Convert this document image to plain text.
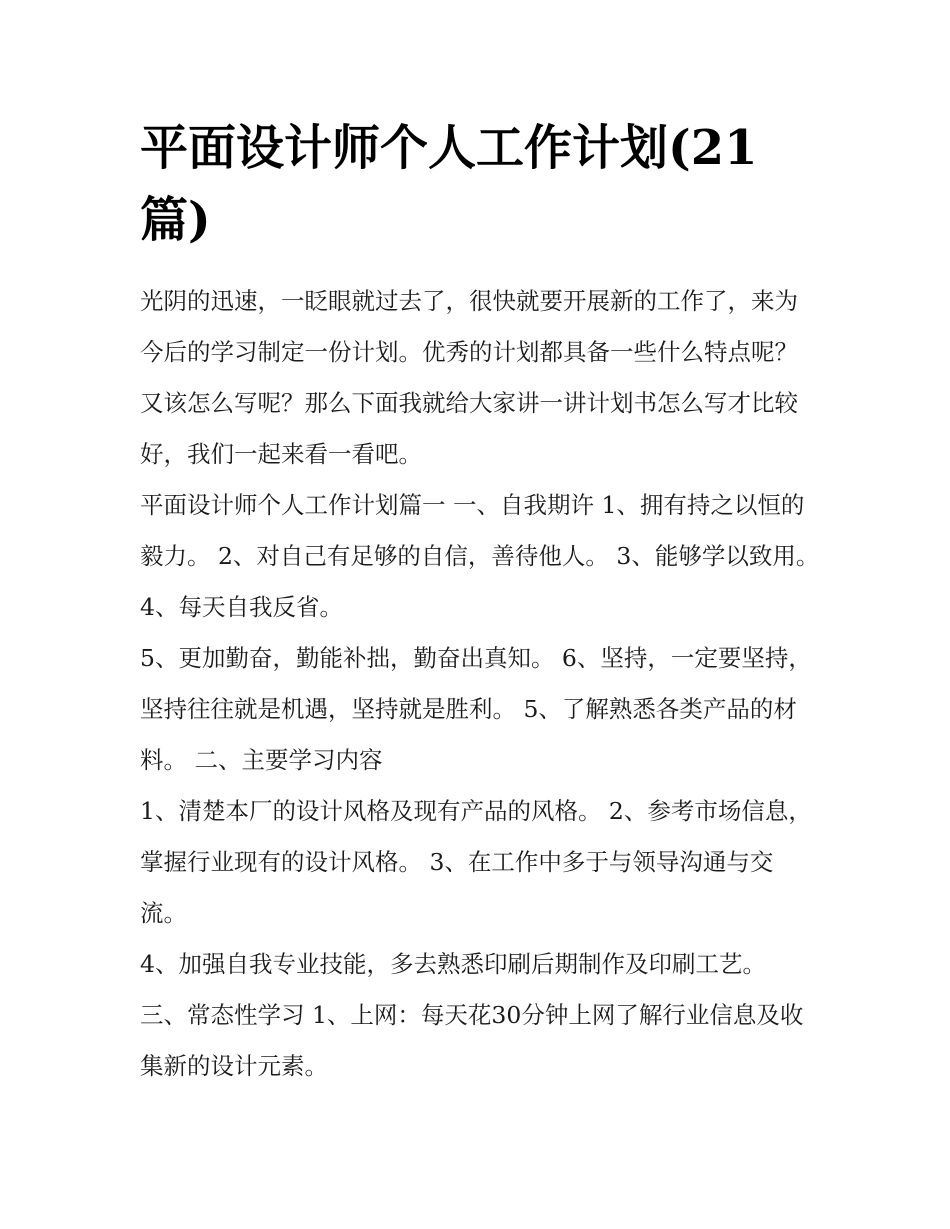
平面设计师个人工作计划(21篇)

光阴的迅速，一眨眼就过去了，很快就要开展新的工作了，来为今后的学习制定一份计划。优秀的计划都具备一些什么特点呢？又该怎么写呢？那么下面我就给大家讲一讲计划书怎么写才比较好，我们一起来看一看吧。

平面设计师个人工作计划篇一 一、自我期许 1、拥有持之以恒的毅力。 2、对自己有足够的自信，善待他人。 3、能够学以致用。 4、每天自我反省。

5、更加勤奋，勤能补拙，勤奋出真知。 6、坚持，一定要坚持，坚持往往就是机遇，坚持就是胜利。 5、了解熟悉各类产品的材料。 二、主要学习内容

1、清楚本厂的设计风格及现有产品的风格。 2、参考市场信息，掌握行业现有的设计风格。 3、在工作中多于与领导沟通与交流。

4、加强自我专业技能，多去熟悉印刷后期制作及印刷工艺。

三、常态性学习 1、上网：每天花30分钟上网了解行业信息及收集新的设计元素。
